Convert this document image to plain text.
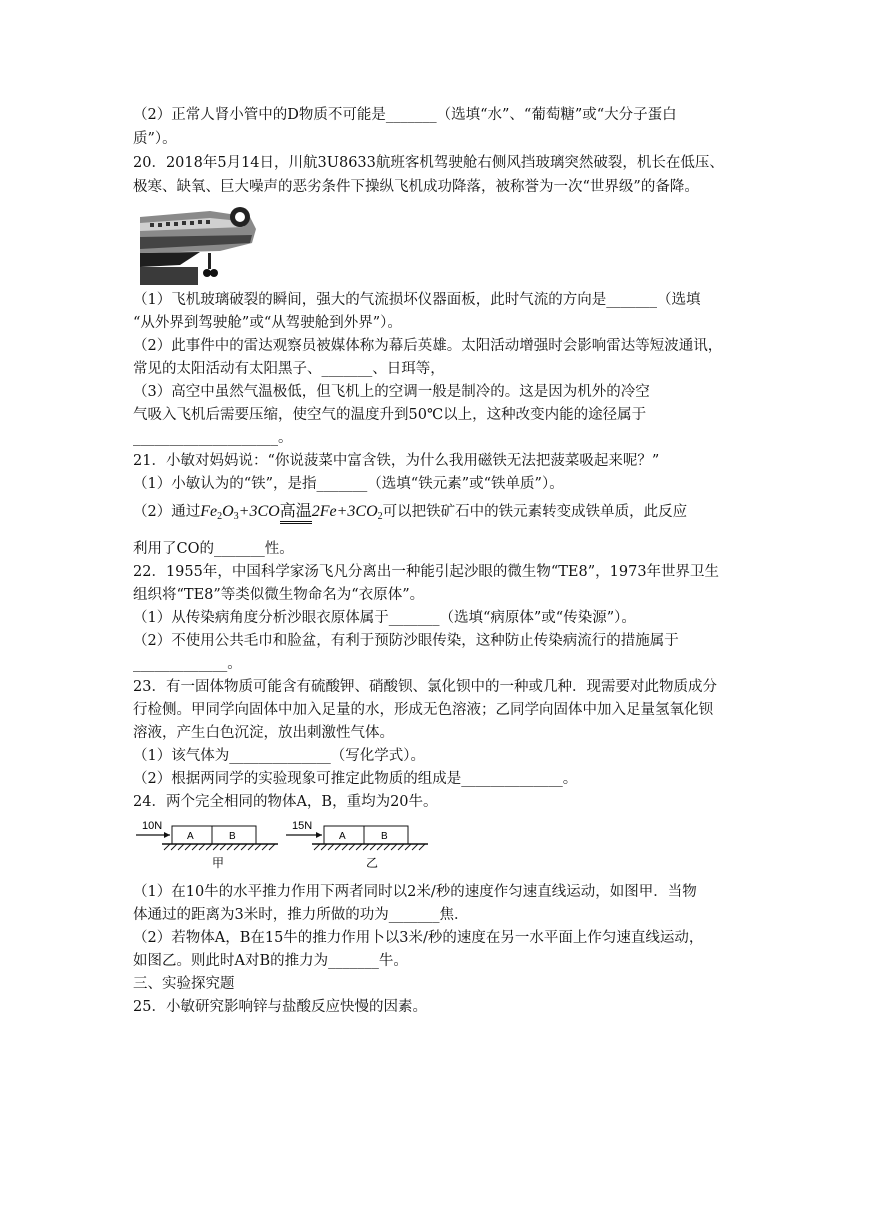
（2）正常人肾小管中的D物质不可能是_______（选填“水”、“葡萄糖”或“大分子蛋白
质”）。
20．2018年5月14日，川航3U8633航班客机驾驶舱右侧风挡玻璃突然破裂，机长在低压、
极寒、缺氧、巨大噪声的恶劣条件下操纵飞机成功降落，被称誉为一次“世界级”的备降。
（1）飞机玻璃破裂的瞬间，强大的气流损坏仪器面板，此时气流的方向是_______（选填
“从外界到驾驶舱”或“从驾驶舱到外界”）。
（2）此事件中的雷达观察员被媒体称为幕后英雄。太阳活动增强时会影响雷达等短波通讯，
常见的太阳活动有太阳黑子、_______、日珥等，
（3）高空中虽然气温极低，但飞机上的空调一般是制冷的。这是因为机外的冷空
气吸入飞机后需要压缩，使空气的温度升到50℃以上，这种改变内能的途径属于
____________________。
21．小敏对妈妈说：“你说菠菜中富含铁，为什么我用磁铁无法把菠菜吸起来呢？”
（1）小敏认为的“铁”，是指_______（选填“铁元素”或“铁单质”）。
（2）通过$Fe_2O_3+3CO$高温$2Fe+3CO_2$可以把铁矿石中的铁元素转变成铁单质，此反应
利用了CO的_______性。
22．1955年，中国科学家汤飞凡分离出一种能引起沙眼的微生物“TE8”，1973年世界卫生
组织将“TE8”等类似微生物命名为“衣原体”。
（1）从传染病角度分析沙眼衣原体属于_______（选填“病原体”或“传染源”）。
（2）不使用公共毛巾和脸盆，有利于预防沙眼传染，这种防止传染病流行的措施属于
_____________。
23．有一固体物质可能含有硫酸钾、硝酸钡、氯化钡中的一种或几种．现需要对此物质成分
行检侧。甲同学向固体中加入足量的水，形成无色溶液；乙同学向固体中加入足量氢氧化钡
溶液，产生白色沉淀，放出刺激性气体。
（1）该气体为______________（写化学式）。
（2）根据两同学的实验现象可推定此物质的组成是______________。
24．两个完全相同的物体A，B，重均为20牛。
10N
A	B
甲
15N
A	B
乙
（1）在10牛的水平推力作用下两者同时以2米/秒的速度作匀速直线运动，如图甲．当物
体通过的距离为3米时，推力所做的功为_______焦．
（2）若物体A，B在15牛的推力作用卜以3米/秒的速度在另一水平面上作匀速直线运动，
如图乙。则此时A对B的推力为_______牛。
三、实验探究题
25．小敏研究影响锌与盐酸反应快慢的因素。
